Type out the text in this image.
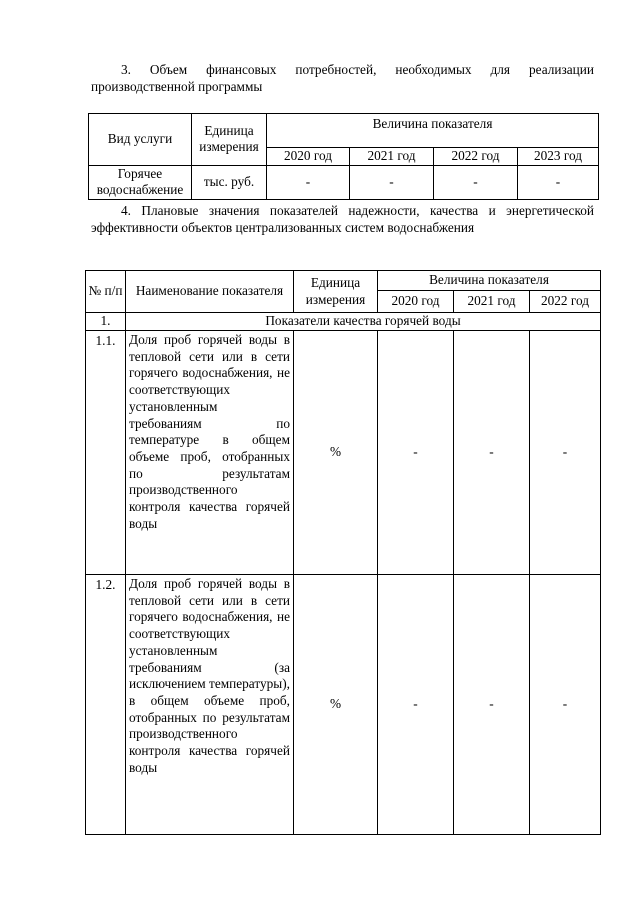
3. Объем финансовых потребностей, необходимых для реализации производственной программы
Вид услуги	Единица измерения	Величина показателя			
		2020 год	2021 год	2022 год	2023 год
Горячее водоснабжение	тыс. руб.	-	-	-	-
4. Плановые значения показателей надежности, качества и энергетической эффективности объектов централизованных систем водоснабжения
№ п/п	Наименование показателя	Единица измерения	Величина показателя		
			2020 год	2021 год	2022 год
1.	Показатели качества горячей воды				
1.1.	Доля проб горячей воды в тепловой сети или в сети горячего водоснабжения, не соответствующих установленным требованиям по температуре в общем объеме проб, отобранных по результатам производственного контроля качества горячей воды	%	-	-	-
1.2.	Доля проб горячей воды в тепловой сети или в сети горячего водоснабжения, не соответствующих установленным требованиям (за исключением температуры), в общем объеме проб, отобранных по результатам производственного контроля качества горячей воды	%	-	-	-
